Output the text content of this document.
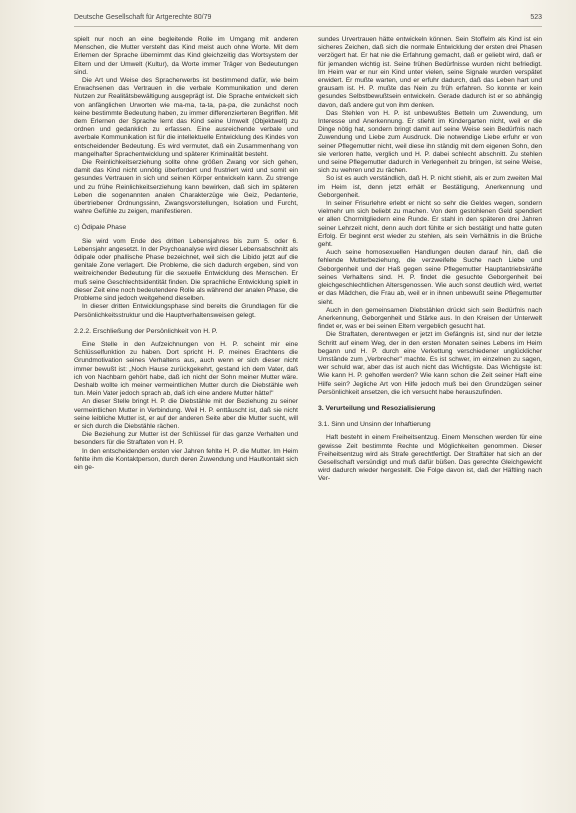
Deutsche Gesellschaft für Artgerechte 80/79	523

spielt nur noch an eine begleitende Rolle im Umgang mit anderen Menschen, die Mutter versteht das Kind meist auch ohne Worte. Mit dem Erlernen der Sprache übernimmt das Kind gleichzeitig das Wortsystem der Eltern und der Umwelt (Kultur), da Worte immer Träger von Bedeutungen sind.

Die Art und Weise des Spracherwerbs ist bestimmend dafür, wie beim Erwachsenen das Vertrauen in die verbale Kommunikation und deren Nutzen zur Realitätsbewältigung ausgeprägt ist. Die Sprache entwickelt sich von anfänglichen Urworten wie ma-ma, ta-ta, pa-pa, die zunächst noch keine bestimmte Bedeutung haben, zu immer differenzierteren Begriffen. Mit dem Erlernen der Sprache lernt das Kind seine Umwelt (Objektwelt) zu ordnen und gedanklich zu erfassen. Eine ausreichende verbale und averbale Kommunikation ist für die intellektuelle Entwicklung des Kindes von entscheidender Bedeutung. Es wird vermutet, daß ein Zusammenhang von mangelhafter Sprachentwicklung und späterer Kriminalität besteht.

Die Reinlichkeitserziehung sollte ohne größen Zwang vor sich gehen, damit das Kind nicht unnötig überfordert und frustriert wird und somit ein gesundes Vertrauen in sich und seinen Körper entwickeln kann. Zu strenge und zu frühe Reinlichkeitserziehung kann bewirken, daß sich im späteren Leben die sogenannten analen Charakterzüge wie Geiz, Pedanterie, übertriebener Ordnungssinn, Zwangsvorstellungen, Isolation und Furcht, wahre Gefühle zu zeigen, manifestieren.

c) Ödipale Phase

Sie wird vom Ende des dritten Lebensjahres bis zum 5. oder 6. Lebensjahr angesetzt. In der Psychoanalyse wird dieser Lebensabschnitt als ödipale oder phallische Phase bezeichnet, weil sich die Libido jetzt auf die genitale Zone verlagert. Die Probleme, die sich dadurch ergeben, sind von weitreichender Bedeutung für die sexuelle Entwicklung des Menschen. Er muß seine Geschlechtsidentität finden. Die sprachliche Entwicklung spielt in dieser Zeit eine noch bedeutendere Rolle als während der analen Phase, die Probleme sind jedoch weitgehend dieselben.

In dieser dritten Entwicklungsphase sind bereits die Grundlagen für die Persönlichkeitsstruktur und die Hauptverhaltensweisen gelegt.

2.2.2. Erschließung der Persönlichkeit von H. P.

Eine Stelle in den Aufzeichnungen von H. P. scheint mir eine Schlüsselfunktion zu haben. Dort spricht H. P. meines Erachtens die Grundmotivation seines Verhaltens aus, auch wenn er sich dieser nicht immer bewußt ist: „Noch Hause zurückgekehrt, gestand ich dem Vater, daß ich von Nachbarn gehört habe, daß ich nicht der Sohn meiner Mutter wäre. Deshalb wollte ich meiner vermeintlichen Mutter durch die Diebstähle weh tun. Mein Vater jedoch sprach ab, daß ich eine andere Mutter hätte!"

An dieser Stelle bringt H. P. die Diebstähle mit der Beziehung zu seiner vermeintlichen Mutter in Verbindung. Weil H. P. enttäuscht ist, daß sie nicht seine leibliche Mutter ist, er auf der anderen Seite aber die Mutter sucht, will er sich durch die Diebstähle rächen.

Die Beziehung zur Mutter ist der Schlüssel für das ganze Verhalten und besonders für die Straftaten von H. P.

In den entscheidenden ersten vier Jahren fehlte H. P. die Mutter. Im Heim fehlte ihm die Kontaktperson, durch deren Zuwendung und Hautkontakt sich ein ge-

sundes Urvertrauen hätte entwickeln können. Sein Stoffelm als Kind ist ein sicheres Zeichen, daß sich die normale Entwicklung der ersten drei Phasen verzögert hat. Er hat nie die Erfahrung gemacht, daß er geliebt wird, daß er für jemanden wichtig ist. Seine frühen Bedürfnisse wurden nicht befriedigt. Im Heim war er nur ein Kind unter vielen, seine Signale wurden verspätet erwidert. Er mußte warten, und er erfuhr dadurch, daß das Leben hart und grausam ist. H. P. mußte das Nein zu früh erfahren. So konnte er kein gesundes Selbstbewußtsein entwickeln. Gerade dadurch ist er so abhängig davon, daß andere gut von ihm denken.

Das Stehlen von H. P. ist unbewußtes Betteln um Zuwendung, um Interesse und Anerkennung. Er stiehlt im Kindergarten nicht, weil er die Dinge nötig hat, sondern bringt damit auf seine Weise sein Bedürfnis nach Zuwendung und Liebe zum Ausdruck. Die notwendige Liebe erfuhr er von seiner Pflegemutter nicht, weil diese ihn ständig mit dem eigenen Sohn, den sie verloren hatte, verglich und H. P. dabei schlecht abschnitt. Zu stehlen und seine Pflegemutter dadurch in Verlegenheit zu bringen, ist seine Weise, sich zu wehren und zu rächen.

So ist es auch verständlich, daß H. P. nicht stiehlt, als er zum zweiten Mal im Heim ist, denn jetzt erhält er Bestätigung, Anerkennung und Geborgenheit.

In seiner Frisurlehre erlebt er nicht so sehr die Geldes wegen, sondern vielmehr um sich beliebt zu machen. Von dem gestohlenen Geld spendiert er allen Chormitgliedern eine Runde. Er stahl in den späteren drei Jahren seiner Lehrzeit nicht, denn auch dort fühlte er sich bestätigt und hatte guten Erfolg. Er beginnt erst wieder zu stehlen, als sein Verhältnis in die Brüche geht.

Auch seine homosexuellen Handlungen deuten darauf hin, daß die fehlende Mutterbeziehung, die verzweifelte Suche nach Liebe und Geborgenheit und der Haß gegen seine Pflegemutter Hauptantriebskräfte seines Verhaltens sind. H. P. findet die gesuchte Geborgenheit bei gleichgeschlechtlichen Altersgenossen. Wie auch sonst deutlich wird, wertet er das Mädchen, die Frau ab, weil er in ihnen unbewußt seine Pflegemutter sieht.

Auch in den gemeinsamen Diebstählen drückt sich sein Bedürfnis nach Anerkennung, Geborgenheit und Stärke aus. In den Kreisen der Unterwelt findet er, was er bei seinen Eltern vergeblich gesucht hat.

Die Straftaten, derentwegen er jetzt im Gefängnis ist, sind nur der letzte Schritt auf einem Weg, der in den ersten Monaten seines Lebens im Heim begann und H. P. durch eine Verkettung verschiedener unglücklicher Umstände zum „Verbrecher" machte. Es ist schwer, im einzelnen zu sagen, wer schuld war, aber das ist auch nicht das Wichtigste. Das Wichtigste ist: Wie kann H. P. geholfen werden? Wie kann schon die Zeit seiner Haft eine Hilfe sein? Jegliche Art von Hilfe jedoch muß bei den Grundzügen seiner Persönlichkeit ansetzen, die ich versucht habe herauszufinden.

3. Verurteilung und Resozialisierung
3.1. Sinn und Unsinn der Inhaftierung

Haft besteht in einem Freiheitsentzug. Einem Menschen werden für eine gewisse Zeit bestimmte Rechte und Möglichkeiten genommen. Dieser Freiheitsentzug wird als Strafe gerechtfertigt. Der Straftäter hat sich an der Gesellschaft versündigt und muß dafür büßen. Das gerechte Gleichgewicht wird dadurch wieder hergestellt. Die Folge davon ist, daß der Häftling nach Ver-
